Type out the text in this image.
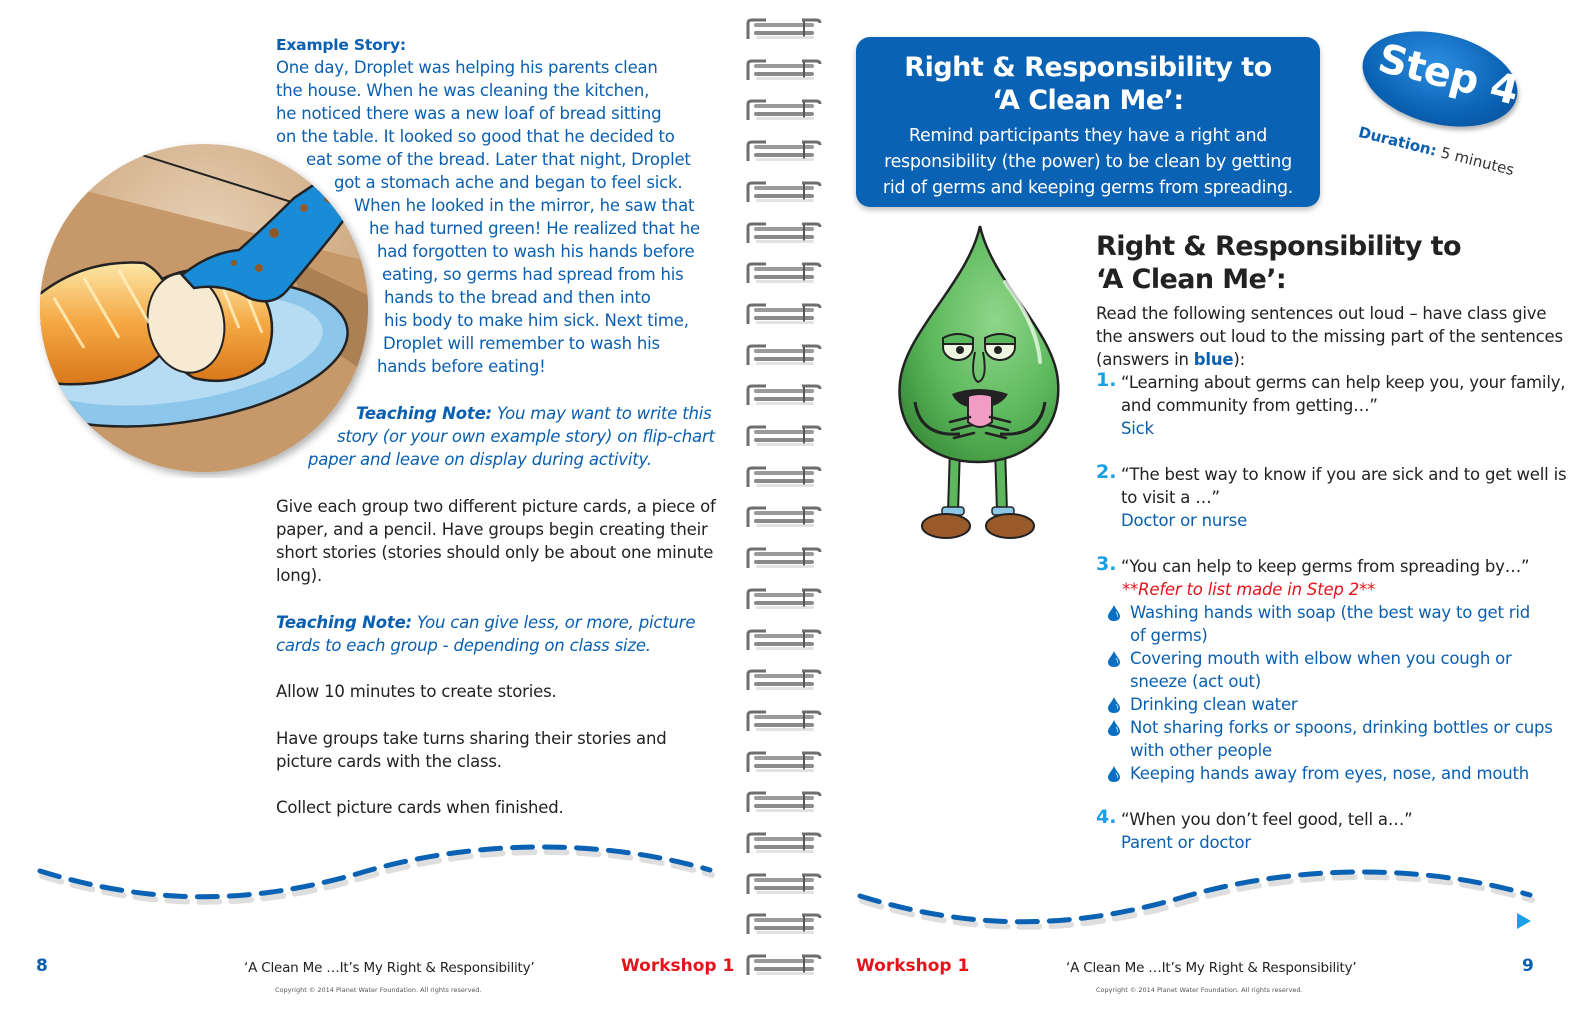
Example Story:
One day, Droplet was helping his parents clean
the house. When he was cleaning the kitchen,
he noticed there was a new loaf of bread sitting
on the table. It looked so good that he decided to
eat some of the bread. Later that night, Droplet
got a stomach ache and began to feel sick.
When he looked in the mirror, he saw that
he had turned green! He realized that he
had forgotten to wash his hands before
eating, so germs had spread from his
hands to the bread and then into
his body to make him sick. Next time,
Droplet will remember to wash his
hands before eating!
Teaching Note: You may want to write this
story (or your own example story) on flip-chart
paper and leave on display during activity.
Give each group two different picture cards, a piece of paper, and a pencil. Have groups begin creating their short stories (stories should only be about one minute long).
Teaching Note: You can give less, or more, picture cards to each group - depending on class size.
Allow 10 minutes to create stories.
Have groups take turns sharing their stories and picture cards with the class.
Collect picture cards when finished.
8	‘A Clean Me …It’s My Right & Responsibility’	Workshop 1
Copyright © 2014 Planet Water Foundation. All rights reserved.
Right & Responsibility to
‘A Clean Me’:

Remind participants they have a right and responsibility (the power) to be clean by getting rid of germs and keeping germs from spreading.

Step 4
Duration: 5 minutes
Right & Responsibility to
‘A Clean Me’:
Read the following sentences out loud – have class give
the answers out loud to the missing part of the sentences
(answers in blue):
1. “Learning about germs can help keep you, your family,
and community from getting…”
Sick
2. “The best way to know if you are sick and to get well is
to visit a …”
Doctor or nurse
3. “You can help to keep germs from spreading by…”
**Refer to list made in Step 2**
Washing hands with soap (the best way to get rid
of germs)
Covering mouth with elbow when you cough or
sneeze (act out)
Drinking clean water
Not sharing forks or spoons, drinking bottles or cups
with other people
Keeping hands away from eyes, nose, and mouth
4. “When you don’t feel good, tell a…”
Parent or doctor
Workshop 1	‘A Clean Me …It’s My Right & Responsibility’	9
Copyright © 2014 Planet Water Foundation. All rights reserved.
